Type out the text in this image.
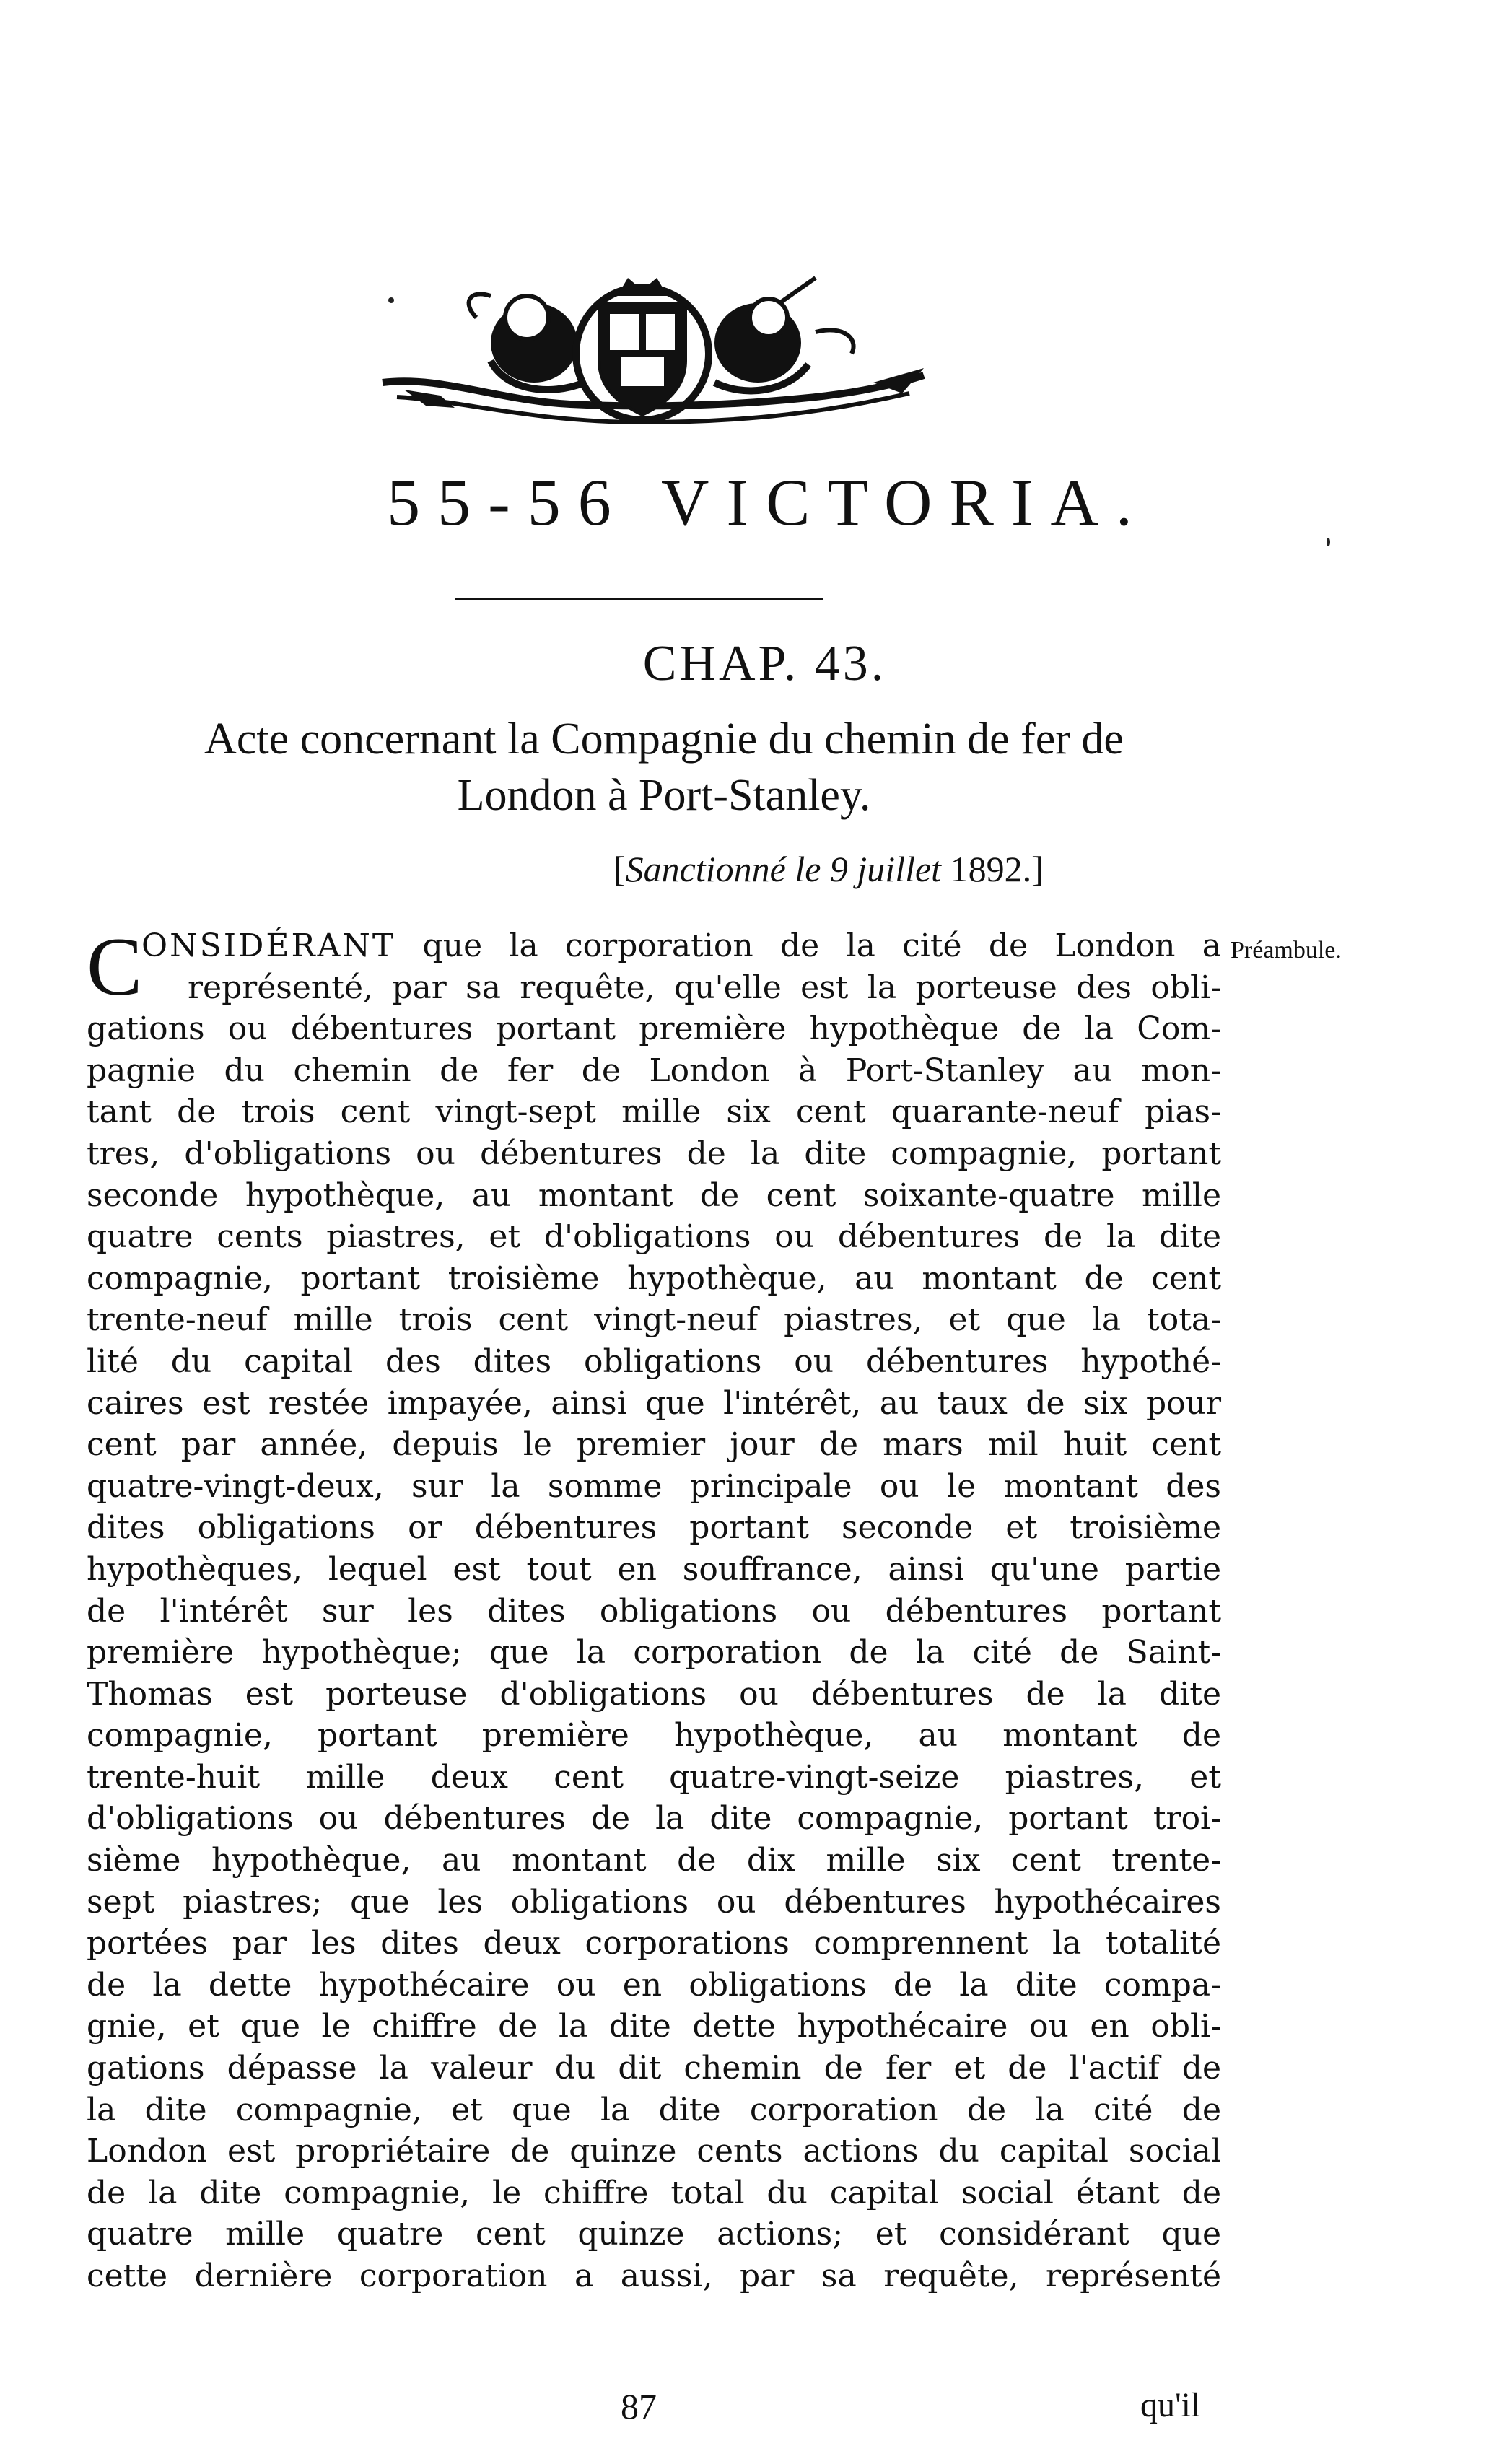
55-56 VICTORIA.
CHAP. 43.
Acte concernant la Compagnie du chemin de fer de
London à Port-Stanley.
[Sanctionné le 9 juillet 1892.]
Préambule.
C
ONSIDÉRANT que la corporation de la cité de London a
représenté, par sa requête, qu'elle est la porteuse des obli-
gations ou débentures portant première hypothèque de la Com-
pagnie du chemin de fer de London à Port-Stanley au mon-
tant de trois cent vingt-sept mille six cent quarante-neuf pias-
tres, d'obligations ou débentures de la dite compagnie, portant
seconde hypothèque, au montant de cent soixante-quatre mille
quatre cents piastres, et d'obligations ou débentures de la dite
compagnie, portant troisième hypothèque, au montant de cent
trente-neuf mille trois cent vingt-neuf piastres, et que la tota-
lité du capital des dites obligations ou débentures hypothé-
caires est restée impayée, ainsi que l'intérêt, au taux de six pour
cent par année, depuis le premier jour de mars mil huit cent
quatre-vingt-deux, sur la somme principale ou le montant des
dites obligations or débentures portant seconde et troisième
hypothèques, lequel est tout en souffrance, ainsi qu'une partie
de l'intérêt sur les dites obligations ou débentures portant
première hypothèque; que la corporation de la cité de Saint-
Thomas est porteuse d'obligations ou débentures de la dite
compagnie, portant première hypothèque, au montant de
trente-huit mille deux cent quatre-vingt-seize piastres, et
d'obligations ou débentures de la dite compagnie, portant troi-
sième hypothèque, au montant de dix mille six cent trente-
sept piastres; que les obligations ou débentures hypothécaires
portées par les dites deux corporations comprennent la totalité
de la dette hypothécaire ou en obligations de la dite compa-
gnie, et que le chiffre de la dite dette hypothécaire ou en obli-
gations dépasse la valeur du dit chemin de fer et de l'actif de
la dite compagnie, et que la dite corporation de la cité de
London est propriétaire de quinze cents actions du capital social
de la dite compagnie, le chiffre total du capital social étant de
quatre mille quatre cent quinze actions; et considérant que
cette dernière corporation a aussi, par sa requête, représenté
87	qu'il
